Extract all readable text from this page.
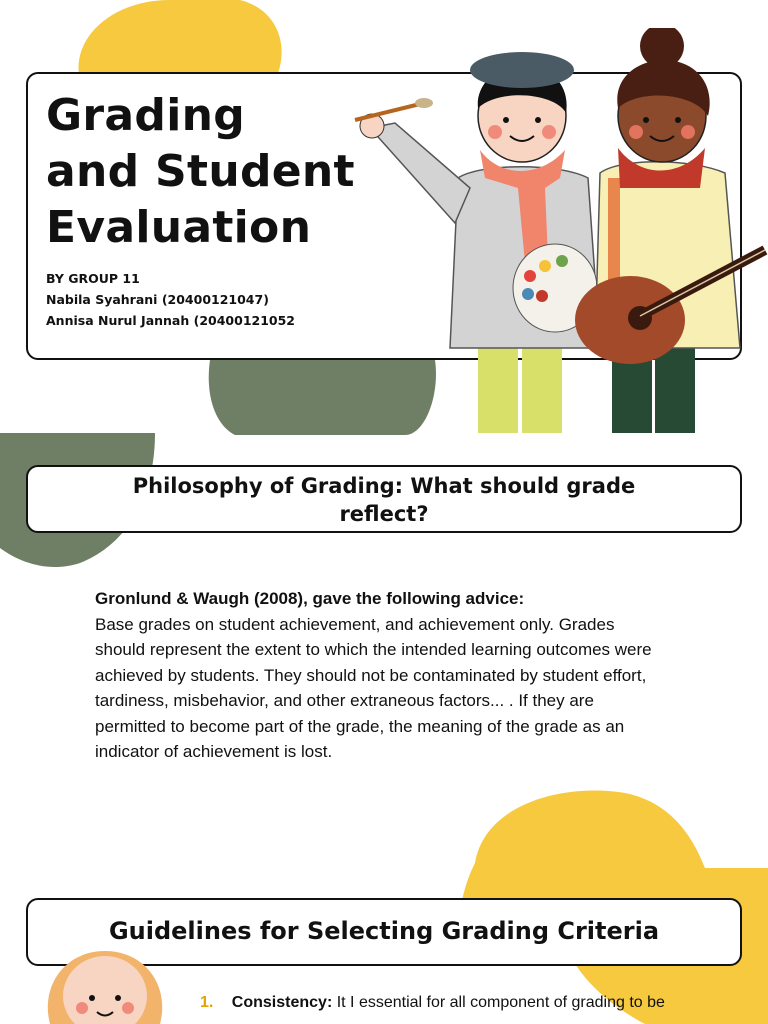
Grading
and Student
Evaluation
BY GROUP 11
Nabila Syahrani (20400121047)
Annisa Nurul Jannah (20400121052
Philosophy of Grading: What should grade reflect?
Gronlund & Waugh (2008), gave the following advice:
Base grades on student achievement, and achievement only. Grades should represent the extent to which the intended learning outcomes were achieved by students. They should not be contaminated by student effort, tardiness, misbehavior, and other extraneous factors... . If they are permitted to become part of the grade, the meaning of the grade as an indicator of achievement is lost.
Guidelines for Selecting Grading Criteria
1. Consistency: It I essential for all component of grading to be
